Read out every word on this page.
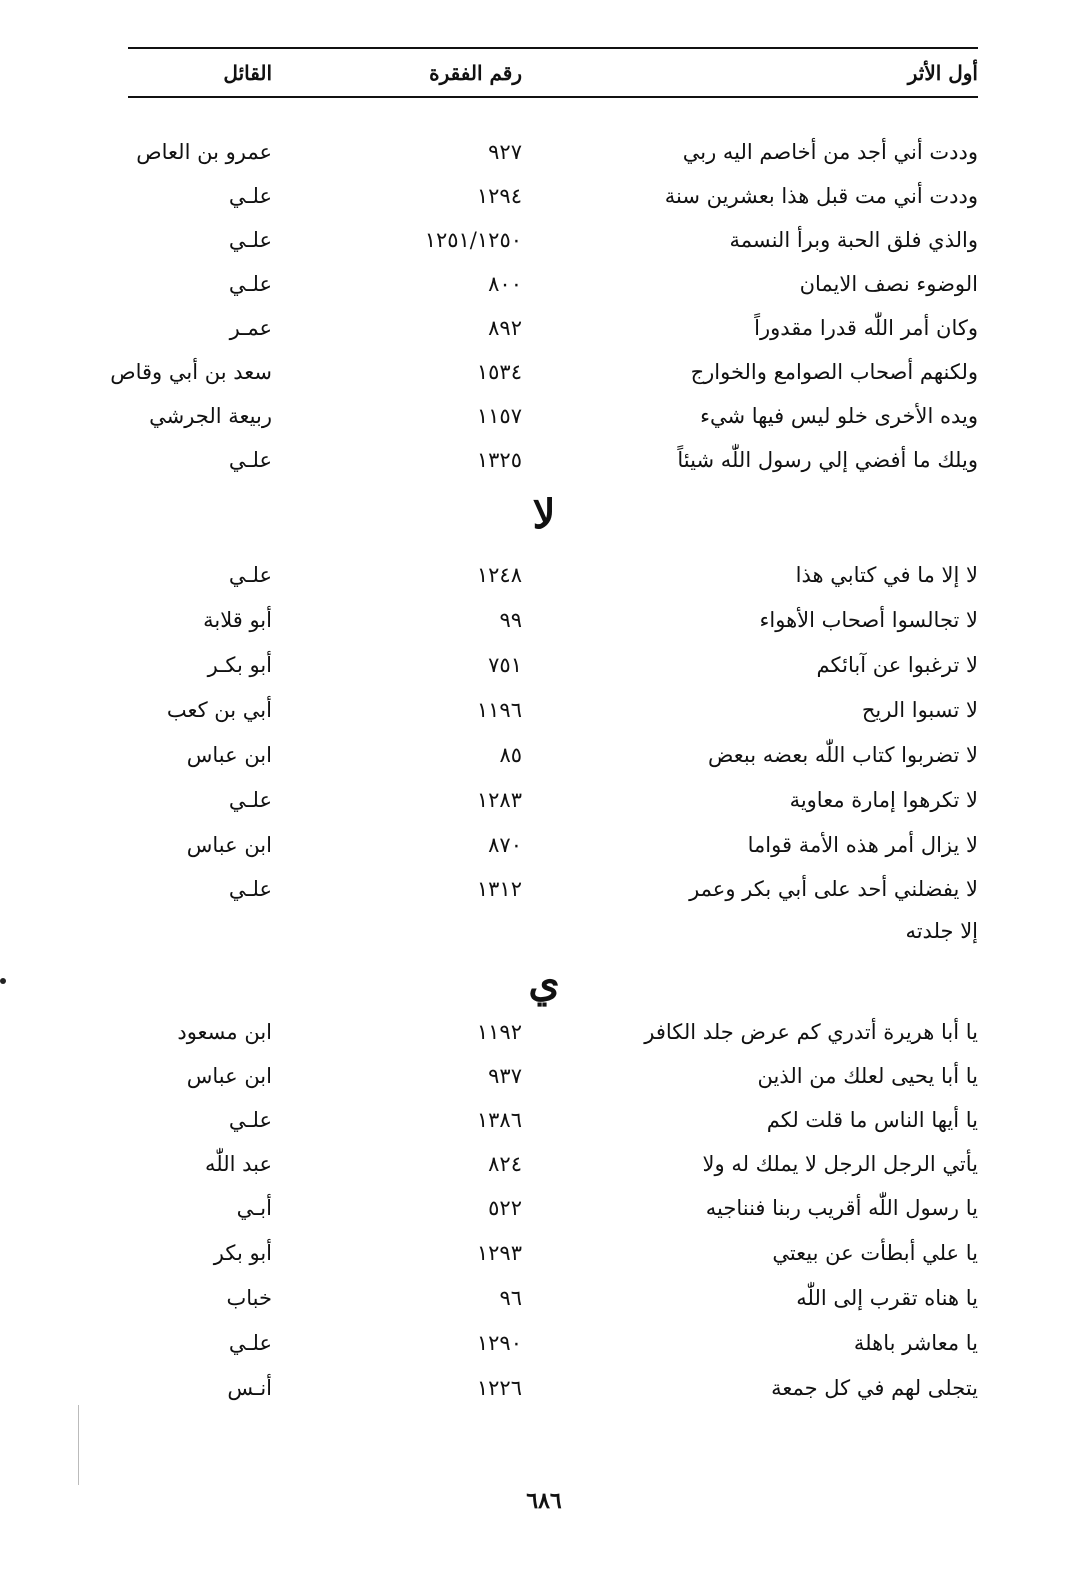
أول الأثر
رقم الفقرة
القائل
وددت أني أجد من أخاصم اليه ربي
٩٢٧
عمرو بن العاص
وددت أني مت قبل هذا بعشرين سنة
١٢٩٤
علـي
والذي فلق الحبة وبرأ النسمة
١٢٥١/١٢٥٠
علـي
الوضوء نصف الايمان
٨٠٠
علـي
وكان أمر اللّٰه قدرا مقدوراً
٨٩٢
عمـر
ولكنهم أصحاب الصوامع والخوارج
١٥٣٤
سعد بن أبي وقاص
ويده الأخرى خلو ليس فيها شيء
١١٥٧
ربيعة الجرشي
ويلك ما أفضي إلي رسول اللّٰه شيئاً
١٣٢٥
علـي
لا
لا إلا ما في كتابي هذا
١٢٤٨
علـي
لا تجالسوا أصحاب الأهواء
٩٩
أبو قلابة
لا ترغبوا عن آبائكم
٧٥١
أبو بكـر
لا تسبوا الريح
١١٩٦
أبي بن كعب
لا تضربوا كتاب اللّٰه بعضه ببعض
٨٥
ابن عباس
لا تكرهوا إمارة معاوية
١٢٨٣
علـي
لا يزال أمر هذه الأمة قواما
٨٧٠
ابن عباس
لا يفضلني أحد على أبي بكر وعمر
١٣١٢
علـي
إلا جلدته
ي
يا أبا هريرة أتدري كم عرض جلد الكافر
١١٩٢
ابن مسعود
يا أبا يحيى لعلك من الذين
٩٣٧
ابن عباس
يا أيها الناس ما قلت لكم
١٣٨٦
علـي
يأتي الرجل الرجل لا يملك له ولا
٨٢٤
عبد اللّٰه
يا رسول اللّٰه أقريب ربنا فنناجيه
٥٢٢
أبـي
يا علي أبطأت عن بيعتي
١٢٩٣
أبو بكر
يا هناه تقرب إلى اللّٰه
٩٦
خباب
يا معاشر باهلة
١٢٩٠
علـي
يتجلى لهم في كل جمعة
١٢٢٦
أنـس
٦٨٦
